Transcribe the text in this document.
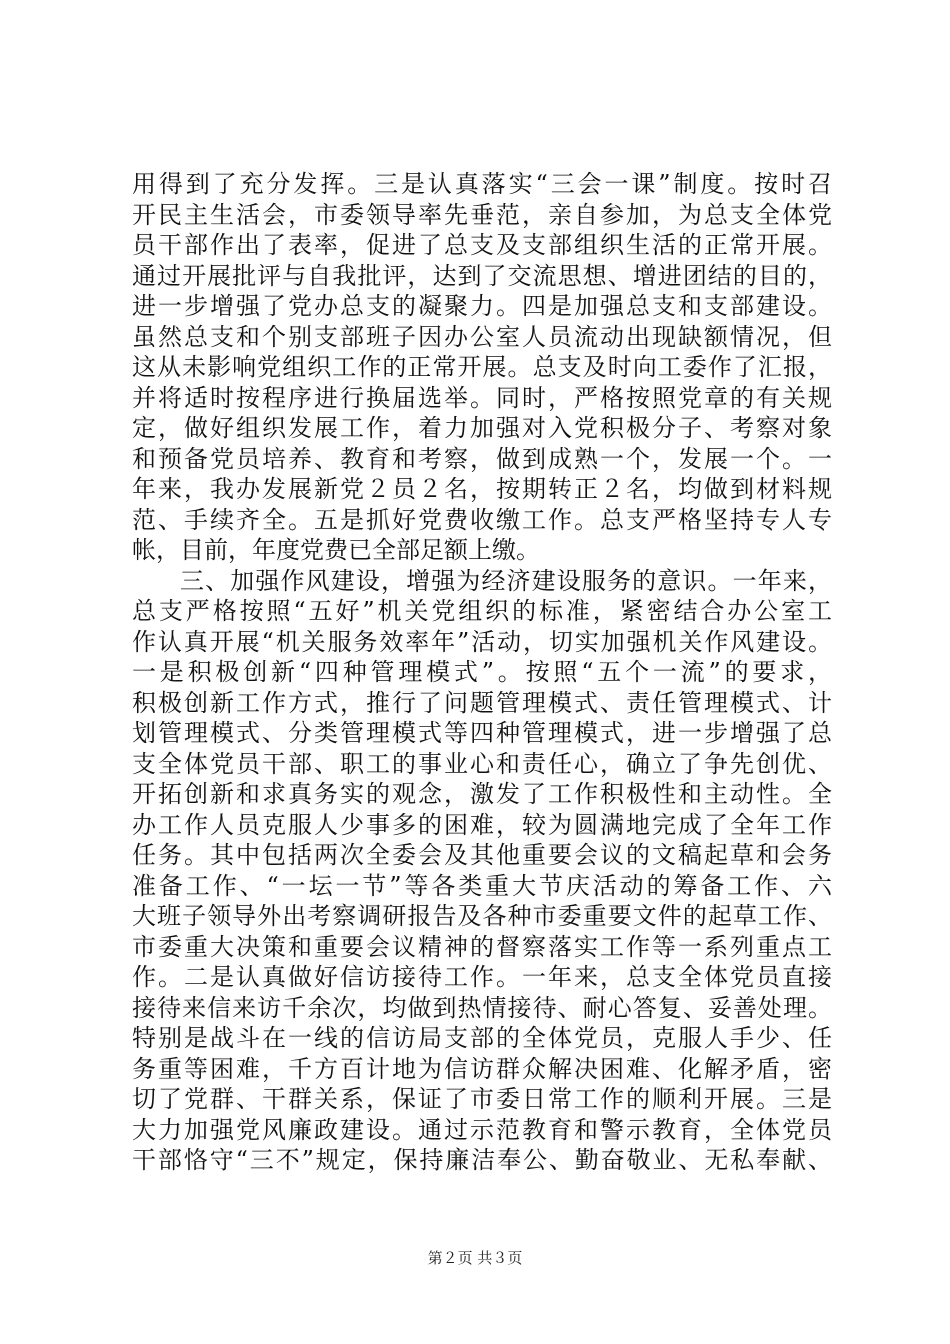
用得到了充分发挥。三是认真落实“三会一课”制度。按时召
开民主生活会，市委领导率先垂范，亲自参加，为总支全体党
员干部作出了表率，促进了总支及支部组织生活的正常开展。
通过开展批评与自我批评，达到了交流思想、增进团结的目的，
进一步增强了党办总支的凝聚力。四是加强总支和支部建设。
虽然总支和个别支部班子因办公室人员流动出现缺额情况，但
这从未影响党组织工作的正常开展。总支及时向工委作了汇报，
并将适时按程序进行换届选举。同时，严格按照党章的有关规
定，做好组织发展工作，着力加强对入党积极分子、考察对象
和预备党员培养、教育和考察，做到成熟一个，发展一个。一
年来，我办发展新党２员２名，按期转正２名，均做到材料规
范、手续齐全。五是抓好党费收缴工作。总支严格坚持专人专
帐，目前，年度党费已全部足额上缴。
三、加强作风建设，增强为经济建设服务的意识。一年来，
总支严格按照“五好”机关党组织的标准，紧密结合办公室工
作认真开展“机关服务效率年”活动，切实加强机关作风建设。
一是积极创新“四种管理模式”。按照“五个一流”的要求，
积极创新工作方式，推行了问题管理模式、责任管理模式、计
划管理模式、分类管理模式等四种管理模式，进一步增强了总
支全体党员干部、职工的事业心和责任心，确立了争先创优、
开拓创新和求真务实的观念，激发了工作积极性和主动性。全
办工作人员克服人少事多的困难，较为圆满地完成了全年工作
任务。其中包括两次全委会及其他重要会议的文稿起草和会务
准备工作、“一坛一节”等各类重大节庆活动的筹备工作、六
大班子领导外出考察调研报告及各种市委重要文件的起草工作、
市委重大决策和重要会议精神的督察落实工作等一系列重点工
作。二是认真做好信访接待工作。一年来，总支全体党员直接
接待来信来访千余次，均做到热情接待、耐心答复、妥善处理。
特别是战斗在一线的信访局支部的全体党员，克服人手少、任
务重等困难，千方百计地为信访群众解决困难、化解矛盾，密
切了党群、干群关系，保证了市委日常工作的顺利开展。三是
大力加强党风廉政建设。通过示范教育和警示教育，全体党员
干部恪守“三不”规定，保持廉洁奉公、勤奋敬业、无私奉献、
第２页 共３页
